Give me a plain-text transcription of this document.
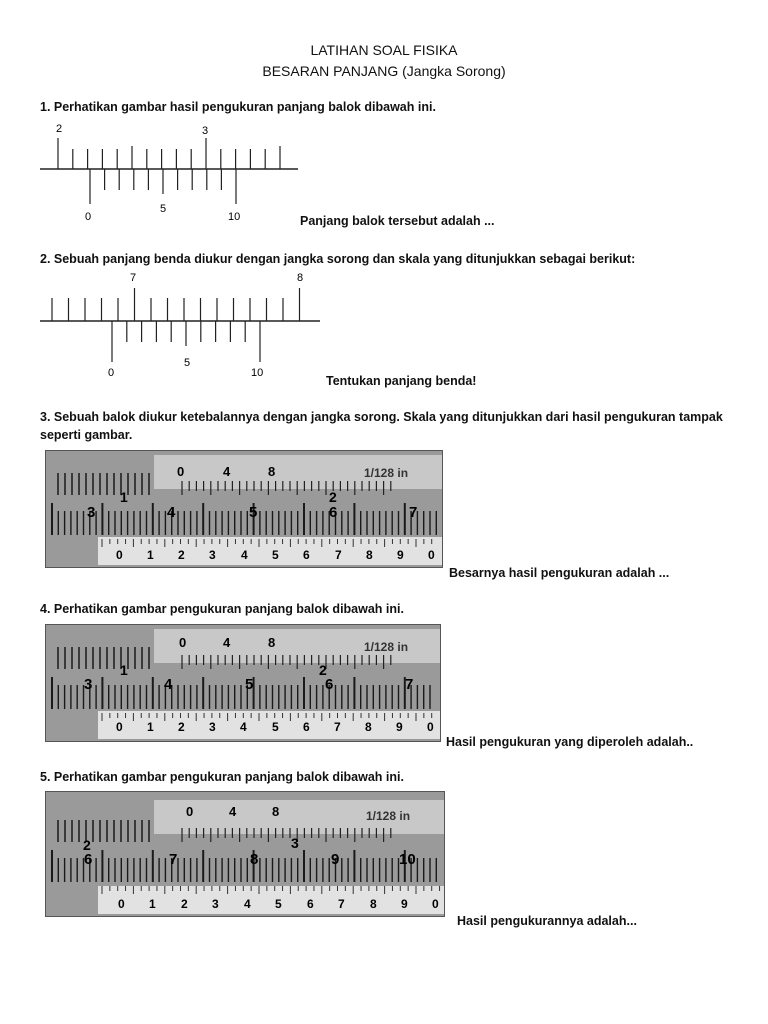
LATIHAN SOAL FISIKA
BESARAN PANJANG (Jangka Sorong)
1. Perhatikan gambar hasil pengukuran panjang balok dibawah ini.
2	3
0
5
10	Panjang balok tersebut adalah ...
2. Sebuah panjang benda diukur dengan jangka sorong dan skala yang ditunjukkan sebagai berikut:
7	8
0
5
10
Tentukan panjang benda!
3. Sebuah balok diukur ketebalannya dengan jangka sorong. Skala yang ditunjukkan dari hasil pengukuran tampak seperti gambar.
1/128 in
0	4	8
1	2
3	4	5	6	7
0 1 2 3 4 5 6 7 8 9 0
Besarnya hasil pengukuran adalah ...
4. Perhatikan gambar pengukuran panjang balok dibawah ini.
1/128 in
0	4	8
1	2
3	4	5	6	7
0 1 2 3 4 5 6 7 8 9 0
Hasil pengukuran yang diperoleh adalah..
5. Perhatikan gambar pengukuran panjang balok dibawah ini.
1/128 in
0	4	8
2	3
6	7	8	9	10
0 1 2 3 4 5 6 7 8 9 0
Hasil pengukurannya adalah...
